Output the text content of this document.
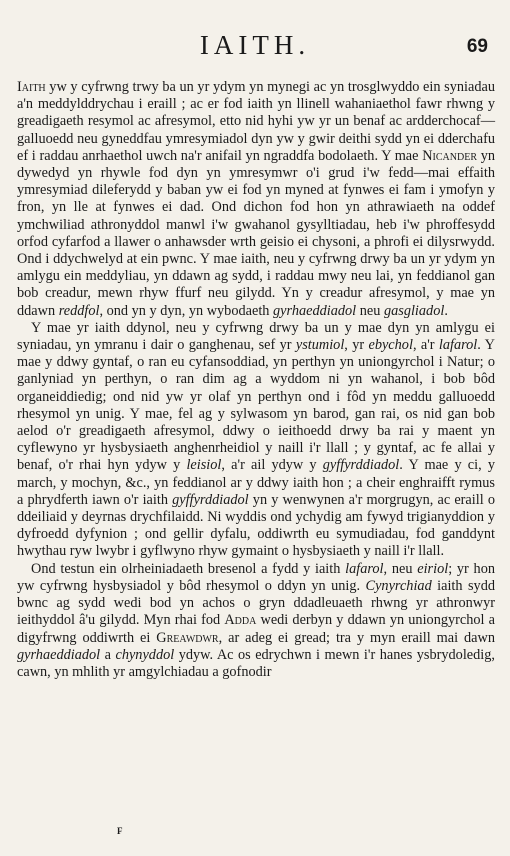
IAITH.	69

Iaith yw y cyfrwng trwy ba un yr ydym yn mynegi ac yn trosglwyddo ein syniadau a'n meddylddrychau i eraill ; ac er fod iaith yn llinell wahaniaethol fawr rhwng y greadigaeth resymol ac afresymol, etto nid hyhi yw yr un benaf ac ardderchocaf—galluoedd neu gyneddfau ymresymiadol dyn yw y gwir deithi sydd yn ei dderchafu ef i raddau anrhaethol uwch na'r anifail yn ngraddfa bodolaeth. Y mae Nicander yn dywedyd yn rhywle fod dyn yn ymresymwr o'i grud i'w fedd—mai effaith ymresymiad dileferydd y baban yw ei fod yn myned at fynwes ei fam i ymofyn y fron, yn lle at fynwes ei dad. Ond dichon fod hon yn athrawiaeth na oddef ymchwiliad athronyddol manwl i'w gwahanol gysylltiadau, heb i'w phroffesydd orfod cyfarfod a llawer o anhawsder wrth geisio ei chysoni, a phrofi ei dilysrwydd. Ond i ddychwelyd at ein pwnc. Y mae iaith, neu y cyfrwng drwy ba un yr ydym yn amlygu ein meddyliau, yn ddawn ag sydd, i raddau mwy neu lai, yn feddianol gan bob creadur, mewn rhyw ffurf neu gilydd. Yn y creadur afresymol, y mae yn ddawn reddfol, ond yn y dyn, yn wybodaeth gyrhaeddiadol neu gasgliadol.

Y mae yr iaith ddynol, neu y cyfrwng drwy ba un y mae dyn yn amlygu ei syniadau, yn ymranu i dair o ganghenau, sef yr ystumiol, yr ebychol, a'r lafarol. Y mae y ddwy gyntaf, o ran eu cyfansoddiad, yn perthyn yn uniongyrchol i Natur; o ganlyniad yn perthyn, o ran dim ag a wyddom ni yn wahanol, i bob bôd organeiddiedig; ond nid yw yr olaf yn perthyn ond i fôd yn meddu galluoedd rhesymol yn unig. Y mae, fel ag y sylwasom yn barod, gan rai, os nid gan bob aelod o'r greadigaeth afresymol, ddwy o ieithoedd drwy ba rai y maent yn cyflewyno yr hysbysiaeth anghenrheidiol y naill i'r llall ; y gyntaf, ac fe allai y benaf, o'r rhai hyn ydyw y leisiol, a'r ail ydyw y gyffyrddiadol. Y mae y ci, y march, y mochyn, &c., yn feddianol ar y ddwy iaith hon ; a cheir enghraifft rymus a phrydferth iawn o'r iaith gyffyrddiadol yn y wenwynen a'r morgrugyn, ac eraill o ddeiliaid y deyrnas drychfilaidd. Ni wyddis ond ychydig am fywyd trigianyddion y dyfroedd dyfynion ; ond gellir dyfalu, oddiwrth eu symudiadau, fod ganddynt hwythau ryw lwybr i gyflwyno rhyw gymaint o hysbysiaeth y naill i'r llall.

Ond testun ein olrheiniadaeth bresenol a fydd y iaith lafarol, neu eiriol; yr hon yw cyfrwng hysbysiadol y bôd rhesymol o ddyn yn unig. Cynyrchiad iaith sydd bwnc ag sydd wedi bod yn achos o gryn ddadleuaeth rhwng yr athronwyr ieithyddol â'u gilydd. Myn rhai fod Adda wedi derbyn y ddawn yn uniongyrchol a digyfrwng oddiwrth ei Greawdwr, ar adeg ei gread; tra y myn eraill mai dawn gyrhaeddiadol a chynyddol ydyw. Ac os edrychwn i mewn i'r hanes ysbrydoledig, cawn, yn mhlith yr amgylchiadau a gofnodir

F
